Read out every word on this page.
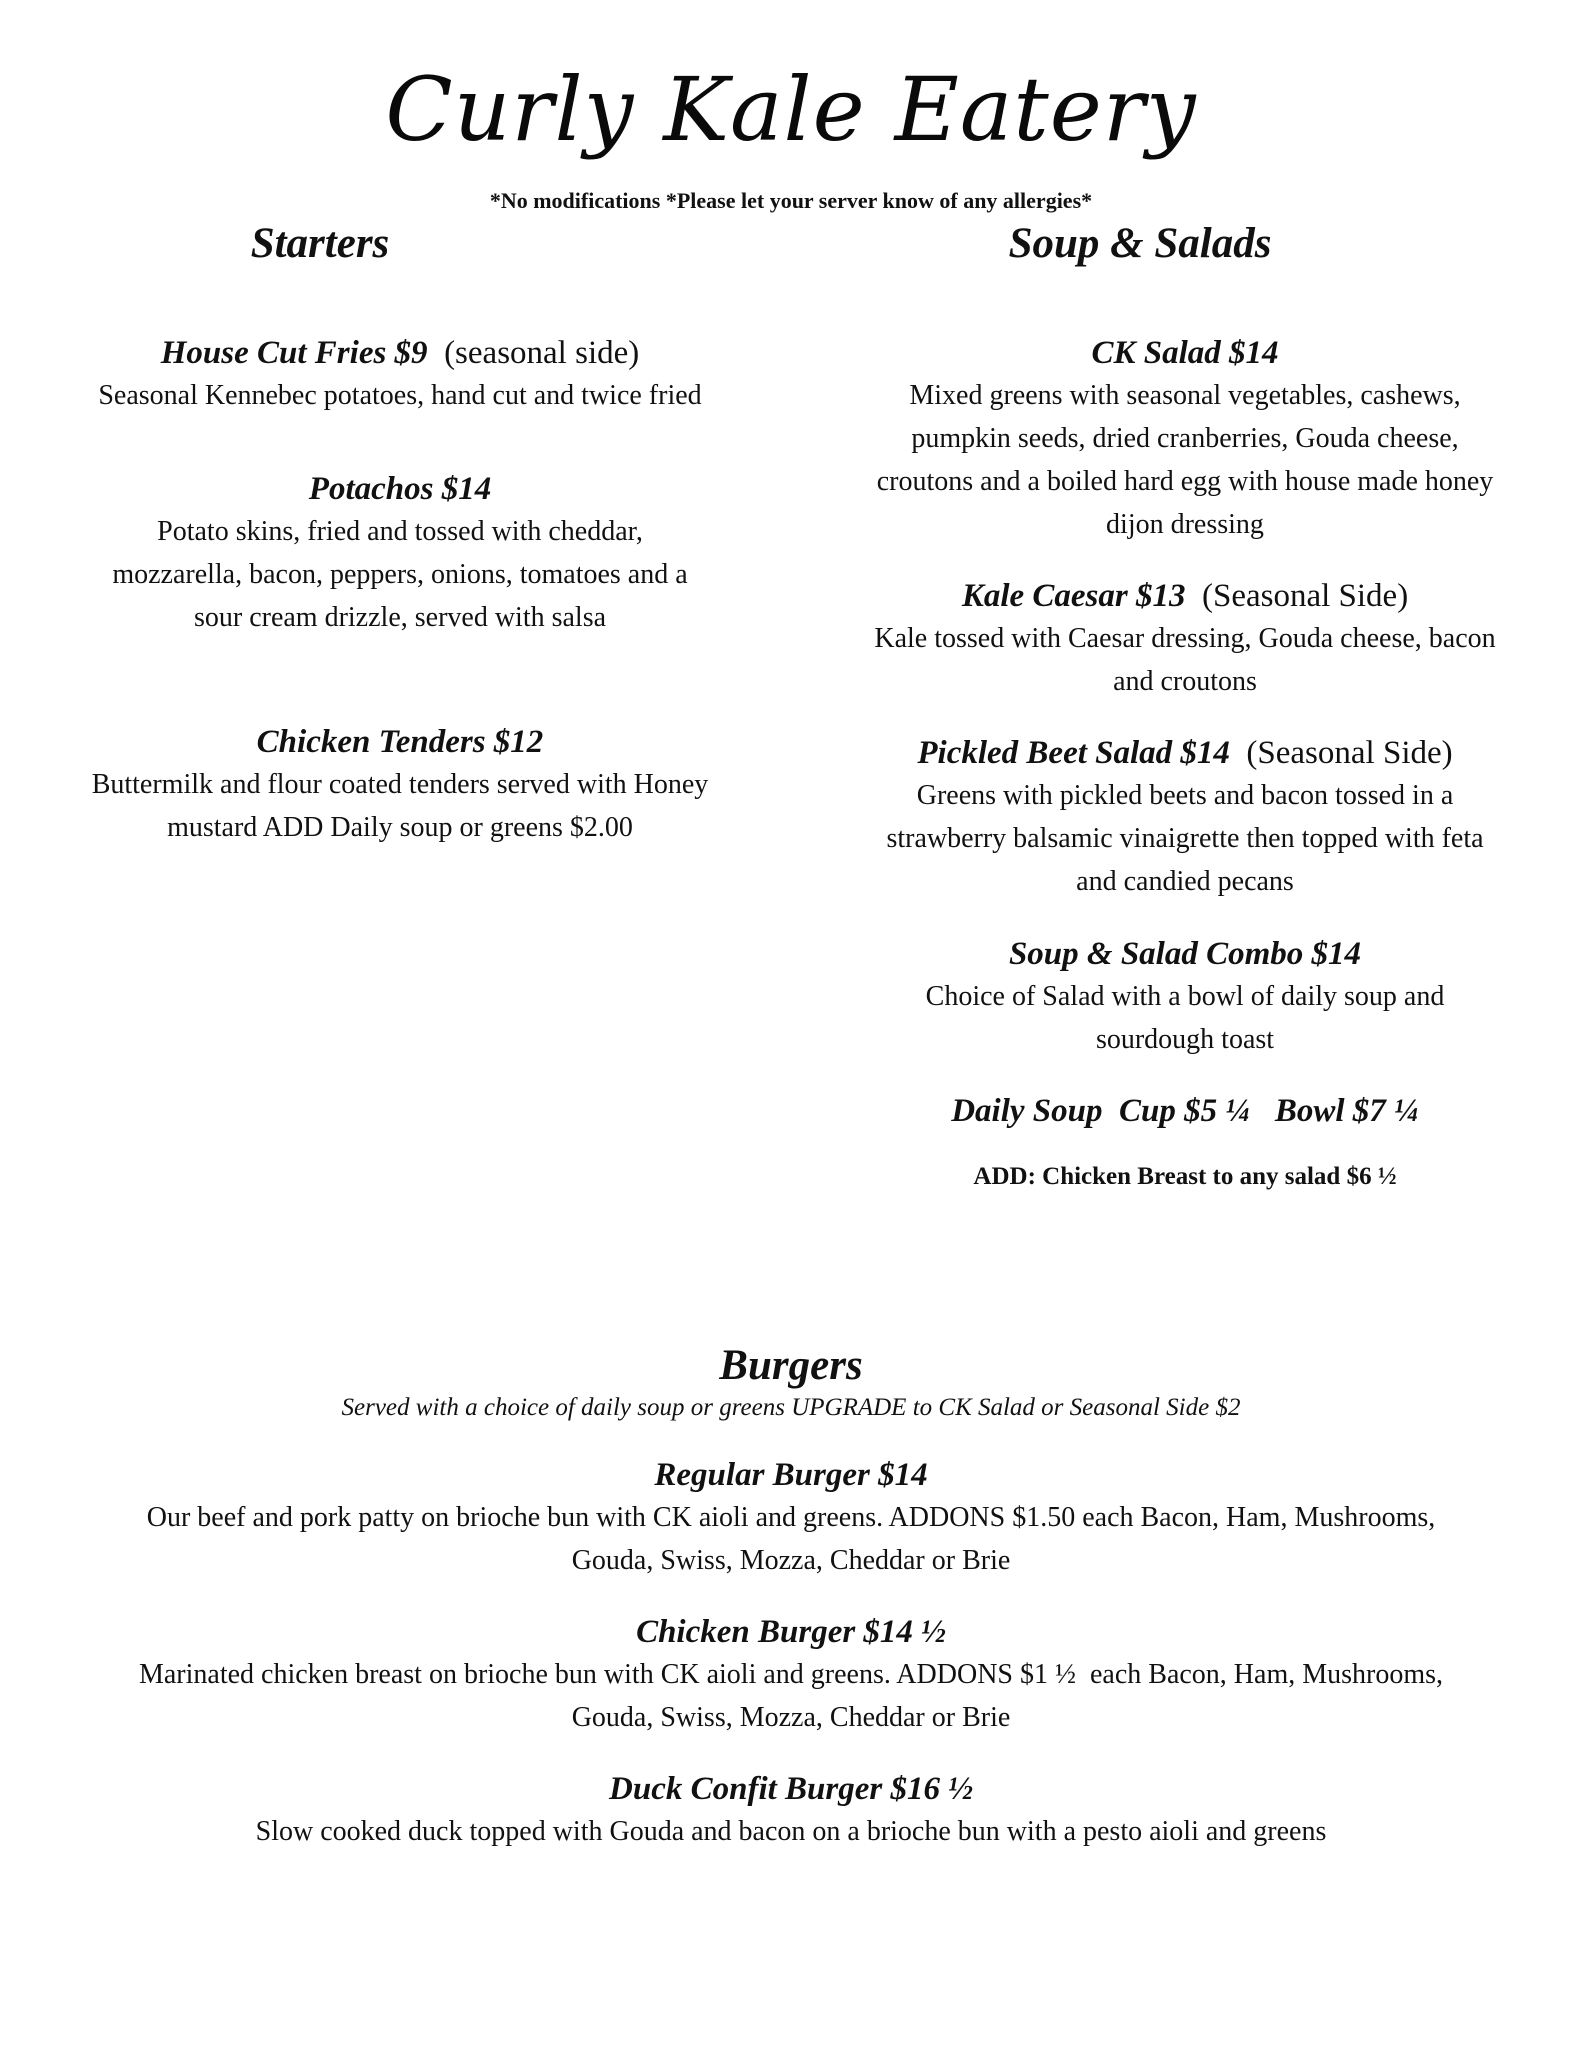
Curly Kale Eatery
*No modifications *Please let your server know of any allergies*
Starters
House Cut Fries $9 (seasonal side)
Seasonal Kennebec potatoes, hand cut and twice fried
Potachos $14
Potato skins, fried and tossed with cheddar,
mozzarella, bacon, peppers, onions, tomatoes and a
sour cream drizzle, served with salsa
Chicken Tenders $12
Buttermilk and flour coated tenders served with Honey
mustard ADD Daily soup or greens $2.00
Soup & Salads
CK Salad $14
Mixed greens with seasonal vegetables, cashews,
pumpkin seeds, dried cranberries, Gouda cheese,
croutons and a boiled hard egg with house made honey
dijon dressing
Kale Caesar $13 (Seasonal Side)
Kale tossed with Caesar dressing, Gouda cheese, bacon
and croutons
Pickled Beet Salad $14 (Seasonal Side)
Greens with pickled beets and bacon tossed in a
strawberry balsamic vinaigrette then topped with feta
and candied pecans
Soup & Salad Combo $14
Choice of Salad with a bowl of daily soup and
sourdough toast
Daily Soup  Cup $5 ¼   Bowl $7 ¼
ADD: Chicken Breast to any salad $6 ½
Burgers
Served with a choice of daily soup or greens UPGRADE to CK Salad or Seasonal Side $2
Regular Burger $14
Our beef and pork patty on brioche bun with CK aioli and greens. ADDONS $1.50 each Bacon, Ham, Mushrooms,
Gouda, Swiss, Mozza, Cheddar or Brie
Chicken Burger $14 ½
Marinated chicken breast on brioche bun with CK aioli and greens. ADDONS $1 ½  each Bacon, Ham, Mushrooms,
Gouda, Swiss, Mozza, Cheddar or Brie
Duck Confit Burger $16 ½
Slow cooked duck topped with Gouda and bacon on a brioche bun with a pesto aioli and greens
